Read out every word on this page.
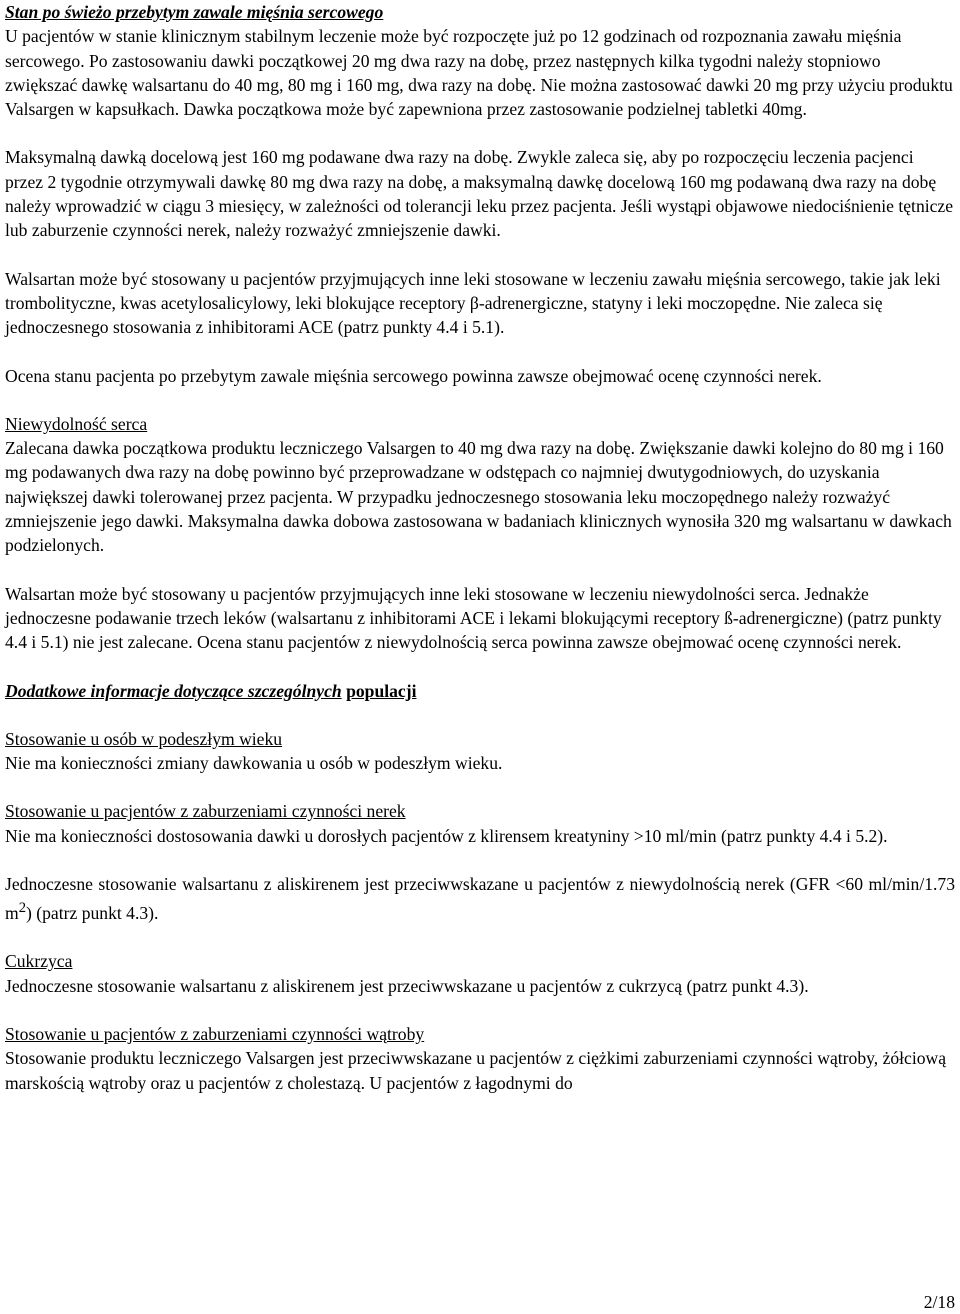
Stan po świeżo przebytym zawale mięśnia sercowego

U pacjentów w stanie klinicznym stabilnym leczenie może być rozpoczęte już po 12 godzinach od rozpoznania zawału mięśnia sercowego. Po zastosowaniu dawki początkowej 20 mg dwa razy na dobę, przez następnych kilka tygodni należy stopniowo zwiększać dawkę walsartanu do 40 mg, 80 mg i 160 mg, dwa razy na dobę. Nie można zastosować dawki 20 mg przy użyciu produktu Valsargen w kapsułkach. Dawka początkowa może być zapewniona przez zastosowanie podzielnej tabletki 40mg.

Maksymalną dawką docelową jest 160 mg podawane dwa razy na dobę. Zwykle zaleca się, aby po rozpoczęciu leczenia pacjenci przez 2 tygodnie otrzymywali dawkę 80 mg dwa razy na dobę, a maksymalną dawkę docelową 160 mg podawaną dwa razy na dobę należy wprowadzić w ciągu 3 miesięcy, w zależności od tolerancji leku przez pacjenta. Jeśli wystąpi objawowe niedociśnienie tętnicze lub zaburzenie czynności nerek, należy rozważyć zmniejszenie dawki.

Walsartan może być stosowany u pacjentów przyjmujących inne leki stosowane w leczeniu zawału mięśnia sercowego, takie jak leki trombolityczne, kwas acetylosalicylowy, leki blokujące receptory β-adrenergiczne, statyny i leki moczopędne. Nie zaleca się jednoczesnego stosowania z inhibitorami ACE (patrz punkty 4.4 i 5.1).

Ocena stanu pacjenta po przebytym zawale mięśnia sercowego powinna zawsze obejmować ocenę czynności nerek.

Niewydolność serca

Zalecana dawka początkowa produktu leczniczego Valsargen to 40 mg dwa razy na dobę. Zwiększanie dawki kolejno do 80 mg i 160 mg podawanych dwa razy na dobę powinno być przeprowadzane w odstępach co najmniej dwutygodniowych, do uzyskania największej dawki tolerowanej przez pacjenta. W przypadku jednoczesnego stosowania leku moczopędnego należy rozważyć zmniejszenie jego dawki. Maksymalna dawka dobowa zastosowana w badaniach klinicznych wynosiła 320 mg walsartanu w dawkach podzielonych.

Walsartan może być stosowany u pacjentów przyjmujących inne leki stosowane w leczeniu niewydolności serca. Jednakże jednoczesne podawanie trzech leków (walsartanu z inhibitorami ACE i lekami blokującymi receptory ß-adrenergiczne) (patrz punkty 4.4 i 5.1) nie jest zalecane. Ocena stanu pacjentów z niewydolnością serca powinna zawsze obejmować ocenę czynności nerek.

Dodatkowe informacje dotyczące szczególnych populacji

Stosowanie u osób w podeszłym wieku

Nie ma konieczności zmiany dawkowania u osób w podeszłym wieku.

Stosowanie u pacjentów z zaburzeniami czynności nerek

Nie ma konieczności dostosowania dawki u dorosłych pacjentów z klirensem kreatyniny >10 ml/min (patrz punkty 4.4 i 5.2).

Jednoczesne stosowanie walsartanu z aliskirenem jest przeciwwskazane u pacjentów z niewydolnością nerek (GFR <60 ml/min/1.73 $m^2$) (patrz punkt 4.3).

Cukrzyca

Jednoczesne stosowanie walsartanu z aliskirenem jest przeciwwskazane u pacjentów z cukrzycą (patrz punkt 4.3).

Stosowanie u pacjentów z zaburzeniami czynności wątroby

Stosowanie produktu leczniczego Valsargen jest przeciwwskazane u pacjentów z ciężkimi zaburzeniami czynności wątroby, żółciową marskością wątroby oraz u pacjentów z cholestazą. U pacjentów z łagodnymi do

2/18
